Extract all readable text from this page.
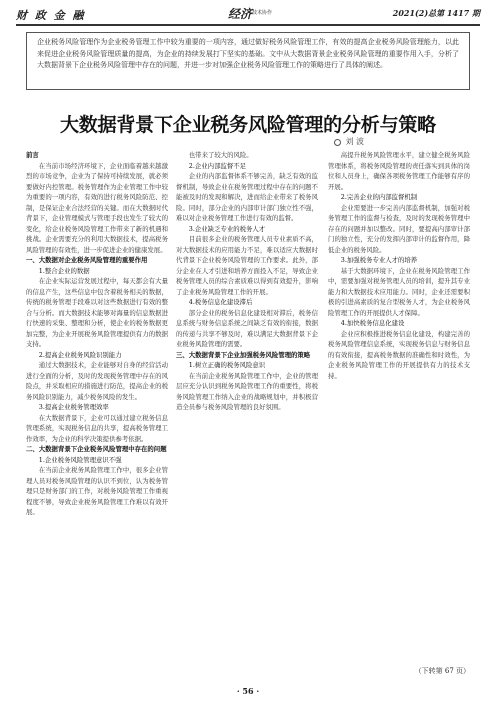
财 政 金 融	经济 技术协作	2021(2)总第 1417 期
企业税务风险管理作为企业税务管理工作中较为重要的一项内容，通过做好税务风险管理工作，有效的提高企业税务风险管理能力，以此来促进企业税务风险管理质量的提高，为企业的持续发展打下坚实的基础。文中从大数据背景企业税务风险管理的重要作用入手，分析了大数据背景下企业税务风险管理中存在的问题，并进一步对加强企业税务风险管理工作的策略进行了具体的阐述。
大数据背景下企业税务风险管理的分析与策略
刘 波

前言

在当前市场经济环境下，企业面临着越来越激烈的市场竞争，企业为了保持可持续发展，就必须要做好内控管理。税务管理作为企业管理工作中较为重要的一项内容，有效的进行税务风险防范、控制，是保证企业合法经营的关键。而在大数据时代背景下，企业管理模式与管理手段也发生了较大的变化，给企业税务风险管理工作带来了新的机遇和挑战。企业需要充分的利用大数据技术，提高税务风险管理的有效性，进一步促进企业的健康发展。

一、大数据对企业税务风险管理的重要作用

1.整合企业的数据

在企业实际运营发展过程中，每天都会有大量的信息产生，这些信息中包含着税务相关的数据，传统的税务管理手段难以对这些数据进行有效的整合与分析。而大数据技术能够对海量的信息数据进行快速的采集、整理和分析，使企业的税务数据更加完整，为企业开展税务风险管理提供有力的数据支持。

2.提高企业税务风险识别能力

通过大数据技术，企业能够对自身的经营活动进行全面的分析，及时的发现税务管理中存在的风险点，并采取相应的措施进行防范，提高企业的税务风险识别能力，减少税务风险的发生。

3.提高企业税务管理效率

在大数据背景下，企业可以通过建立税务信息管理系统，实现税务信息的共享，提高税务管理工作效率，为企业的科学决策提供参考依据。

二、大数据背景下企业税务风险管理中存在的问题

1.企业税务风险管理意识不强

在当前企业税务风险管理工作中，很多企业管理人员对税务风险管理的认识不到位，认为税务管理只是财务部门的工作，对税务风险管理工作重视程度不够，导致企业税务风险管理工作难以有效开展。

也带来了较大的风险。

2.企业内部监督不足

企业的内部监督体系不够完善，缺乏有效的监督机制，导致企业在税务管理过程中存在的问题不能被及时的发现和解决，进而给企业带来了税务风险。同时，部分企业的内部审计部门独立性不强，难以对企业税务管理工作进行有效的监督。

3.企业缺乏专业的税务人才

目前很多企业的税务管理人员专业素质不高，对大数据技术的应用能力不足，难以适应大数据时代背景下企业税务风险管理的工作要求。此外，部分企业在人才引进和培养方面投入不足，导致企业税务管理人员的综合素质难以得到有效提升，影响了企业税务风险管理工作的开展。

4.税务信息化建设滞后

部分企业的税务信息化建设相对滞后，税务信息系统与财务信息系统之间缺乏有效的衔接，数据的传递与共享不够及时，难以满足大数据背景下企业税务风险管理的需要。

三、大数据背景下企业加强税务风险管理的策略

1.树立正确的税务风险意识

在当前企业税务风险管理工作中，企业的管理层应充分认识到税务风险管理工作的重要性，将税务风险管理工作纳入企业的战略规划中，并积极营造全员参与税务风险管理的良好氛围。

高提升税务风险管理水平，建立健全税务风险管理体系，将税务风险管理的责任落实到具体的岗位和人员身上，确保各项税务管理工作能够有序的开展。

2.完善企业的内部监督机制

企业需要进一步完善内部监督机制，加强对税务管理工作的监督与检查，及时的发现税务管理中存在的问题并加以整改。同时，要提高内部审计部门的独立性，充分的发挥内部审计的监督作用，降低企业的税务风险。

3.加强税务专业人才的培养

基于大数据环境下，企业在税务风险管理工作中，需要加强对税务管理人员的培训，提升其专业能力和大数据技术应用能力。同时，企业还需要积极的引进高素质的复合型税务人才，为企业税务风险管理工作的开展提供人才保障。

4.加快税务信息化建设

企业应积极推进税务信息化建设，构建完善的税务风险管理信息系统，实现税务信息与财务信息的有效衔接，提高税务数据的准确性和时效性，为企业税务风险管理工作的开展提供有力的技术支持。

（下转第 67 页）
· 56 ·
